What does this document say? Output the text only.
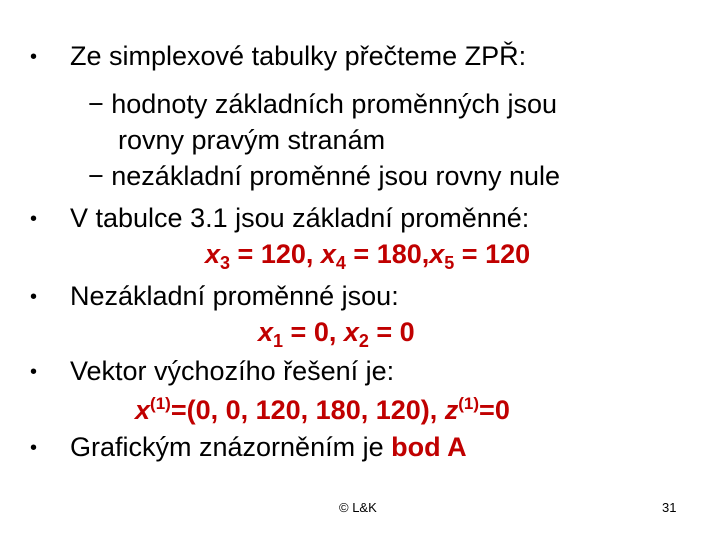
• Ze simplexové tabulky přečteme ZPŘ:
− hodnoty základních proměnných jsou
rovny pravým stranám
− nezákladní proměnné jsou rovny nule
• V tabulce 3.1 jsou základní proměnné:
$x_3 = 120$, $x_4 = 180,x_5 = 120$
• Nezákladní proměnné jsou:
$x_1 = 0$, $x_2 = 0$
• Vektor výchozího řešení je:
$x^{(1)}=(0$, 0, 120, 180, 120), $z^{(1)}=0$
• Grafickým znázorněním je bod A
© L&K	31
